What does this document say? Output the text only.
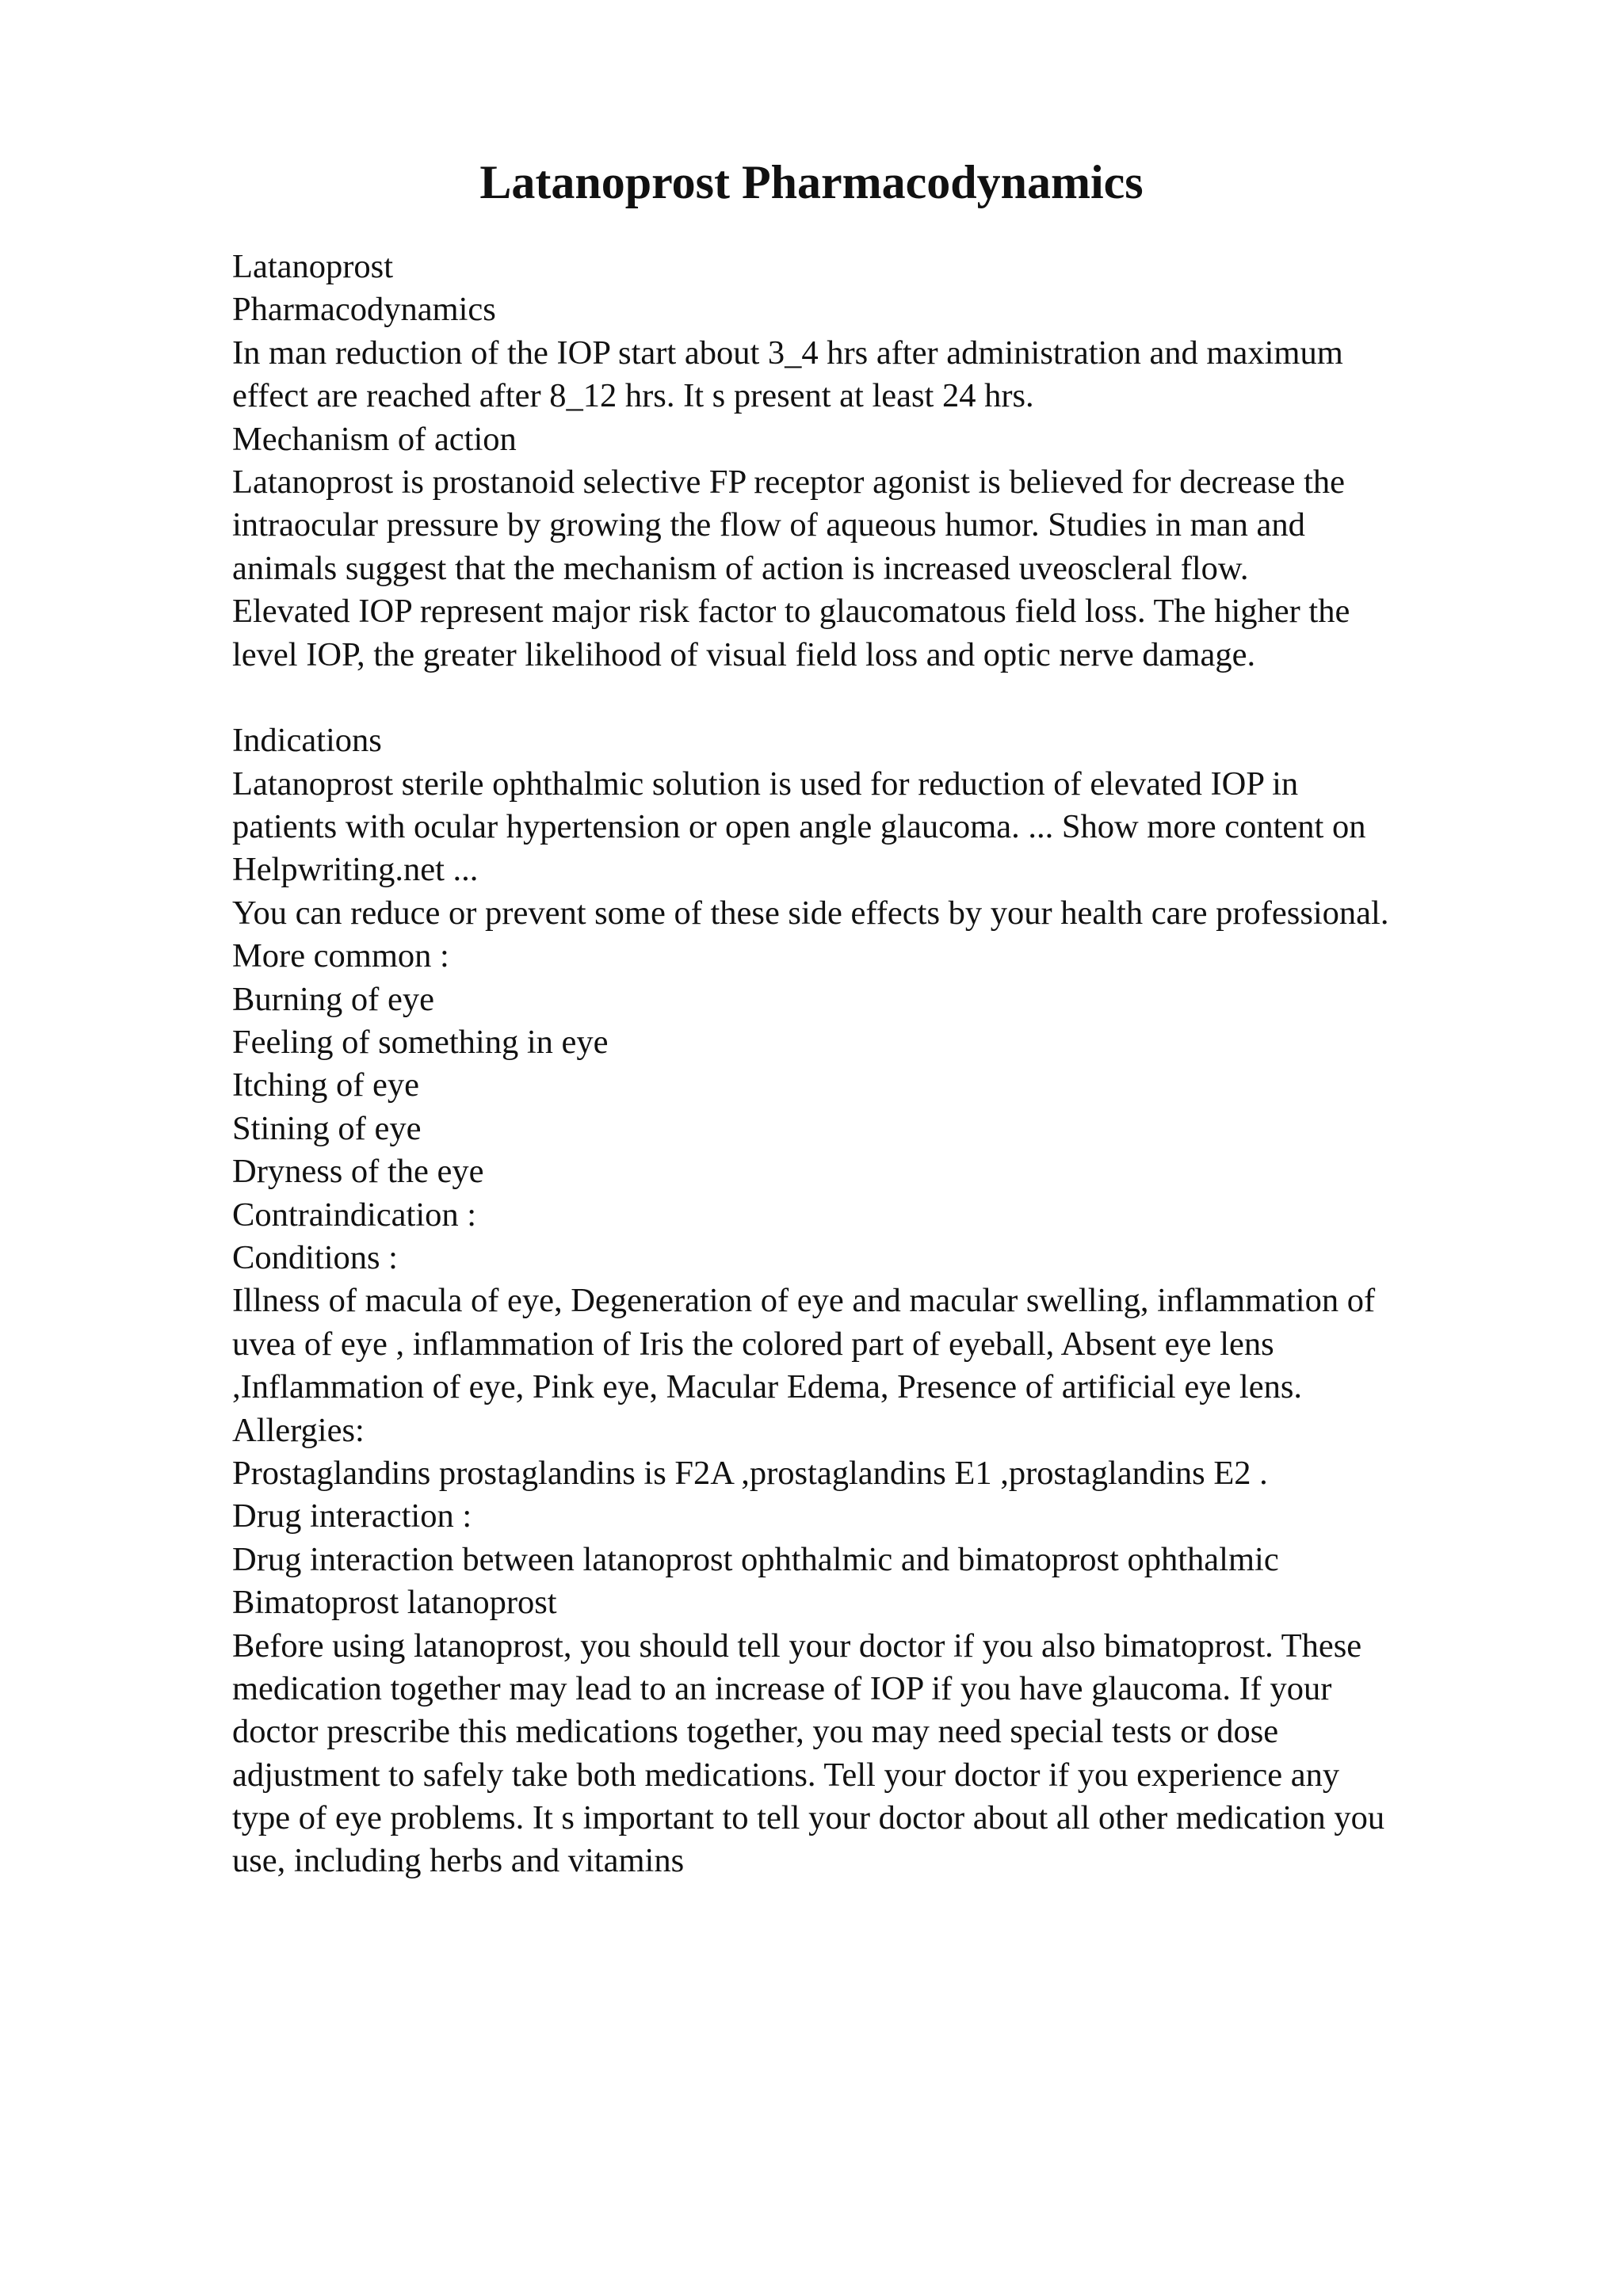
Latanoprost Pharmacodynamics
Latanoprost
Pharmacodynamics
In man reduction of the IOP start about 3_4 hrs after administration and maximum
effect are reached after 8_12 hrs. It s present at least 24 hrs.
Mechanism of action
Latanoprost is prostanoid selective FP receptor agonist is believed for decrease the
intraocular pressure by growing the flow of aqueous humor. Studies in man and
animals suggest that the mechanism of action is increased uveoscleral flow.
Elevated IOP represent major risk factor to glaucomatous field loss. The higher the
level IOP, the greater likelihood of visual field loss and optic nerve damage.
Indications
Latanoprost sterile ophthalmic solution is used for reduction of elevated IOP in
patients with ocular hypertension or open angle glaucoma. ... Show more content on
Helpwriting.net ...
You can reduce or prevent some of these side effects by your health care professional.
More common :
Burning of eye
Feeling of something in eye
Itching of eye
Stining of eye
Dryness of the eye
Contraindication :
Conditions :
Illness of macula of eye, Degeneration of eye and macular swelling, inflammation of
uvea of eye , inflammation of Iris the colored part of eyeball, Absent eye lens
,Inflammation of eye, Pink eye, Macular Edema, Presence of artificial eye lens.
Allergies:
Prostaglandins prostaglandins is F2A ,prostaglandins E1 ,prostaglandins E2 .
Drug interaction :
Drug interaction between latanoprost ophthalmic and bimatoprost ophthalmic
Bimatoprost latanoprost
Before using latanoprost, you should tell your doctor if you also bimatoprost. These
medication together may lead to an increase of IOP if you have glaucoma. If your
doctor prescribe this medications together, you may need special tests or dose
adjustment to safely take both medications. Tell your doctor if you experience any
type of eye problems. It s important to tell your doctor about all other medication you
use, including herbs and vitamins
